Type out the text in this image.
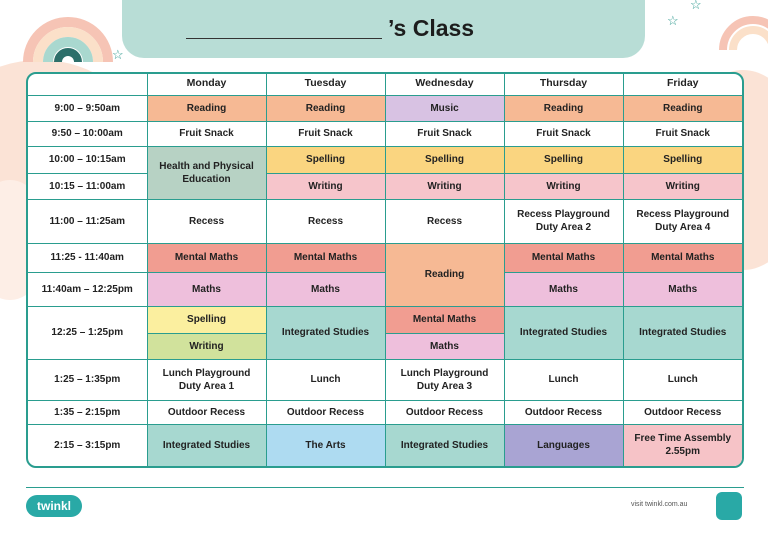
☆
☆
☆
’s Class
	Monday	Tuesday	Wednesday	Thursday	Friday
9:00 – 9:50am	Reading	Reading	Music	Reading	Reading
9:50 – 10:00am	Fruit Snack	Fruit Snack	Fruit Snack	Fruit Snack	Fruit Snack
10:00 – 10:15am	Health and Physical Education	Spelling	Spelling	Spelling	Spelling
10:15 – 11:00am		Writing	Writing	Writing	Writing
11:00 – 11:25am	Recess	Recess	Recess	Recess Playground Duty Area 2	Recess Playground Duty Area 4
11:25 - 11:40am	Mental Maths	Mental Maths	Reading	Mental Maths	Mental Maths
11:40am – 12:25pm	Maths	Maths		Maths	Maths
12:25 – 1:25pm	Spelling	Integrated Studies	Mental Maths	Integrated Studies	Integrated Studies
	Writing		Maths		
1:25 – 1:35pm	Lunch Playground Duty Area 1	Lunch	Lunch Playground Duty Area 3	Lunch	Lunch
1:35 – 2:15pm	Outdoor Recess	Outdoor Recess	Outdoor Recess	Outdoor Recess	Outdoor Recess
2:15 – 3:15pm	Integrated Studies	The Arts	Integrated Studies	Languages	Free Time Assembly 2.55pm
twinkl	visit twinkl.com.au
